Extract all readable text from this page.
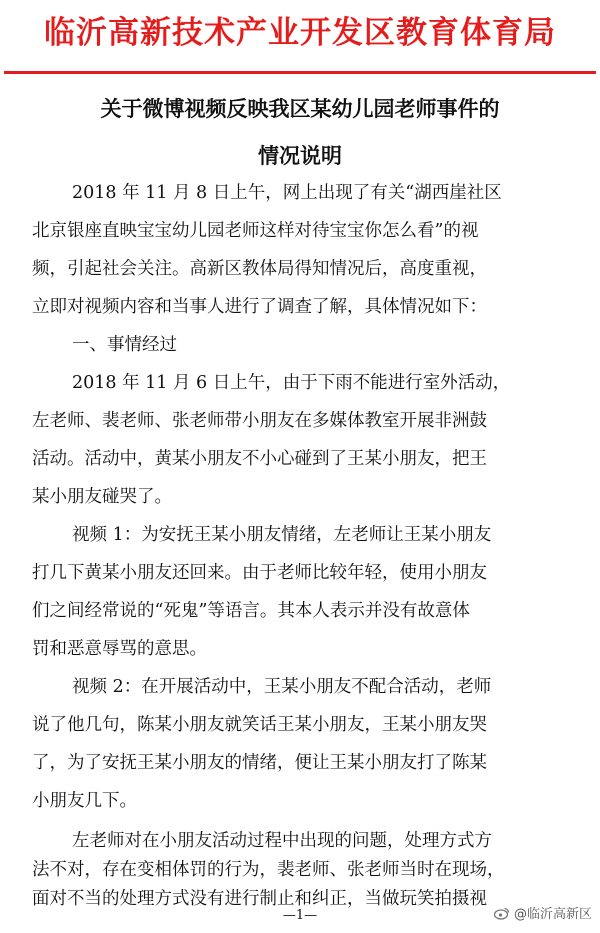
临沂高新技术产业开发区教育体育局
关于微博视频反映我区某幼儿园老师事件的
情况说明
2018 年 11 月 8 日上午，网上出现了有关“湖西崖社区
北京银座直映宝宝幼儿园老师这样对待宝宝你怎么看”的视
频，引起社会关注。高新区教体局得知情况后，高度重视，
立即对视频内容和当事人进行了调查了解，具体情况如下：
一、事情经过
2018 年 11 月 6 日上午，由于下雨不能进行室外活动，
左老师、裴老师、张老师带小朋友在多媒体教室开展非洲鼓
活动。活动中，黄某小朋友不小心碰到了王某小朋友，把王
某小朋友碰哭了。
视频 1：为安抚王某小朋友情绪，左老师让王某小朋友
打几下黄某小朋友还回来。由于老师比较年轻，使用小朋友
们之间经常说的“死鬼”等语言。其本人表示并没有故意体
罚和恶意辱骂的意思。
视频 2：在开展活动中，王某小朋友不配合活动，老师
说了他几句，陈某小朋友就笑话王某小朋友，王某小朋友哭
了，为了安抚王某小朋友的情绪，便让王某小朋友打了陈某
小朋友几下。
左老师对在小朋友活动过程中出现的问题，处理方式方
法不对，存在变相体罚的行为，裴老师、张老师当时在现场，
面对不当的处理方式没有进行制止和纠正，当做玩笑拍摄视
—1—	@临沂高新区
